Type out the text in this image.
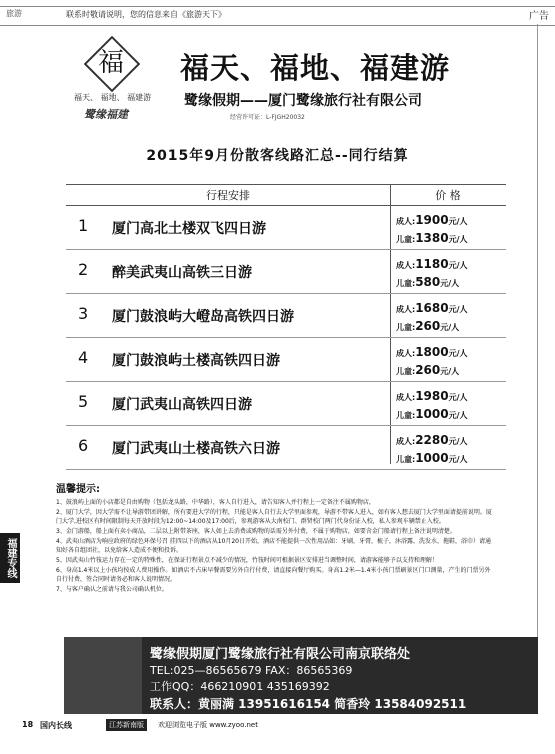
旅游	联系时敬请说明，您的信息来自《旅游天下》	广告
福
福天、 福地、 福建游
鹭缘福建
福天、福地、福建游
鹭缘假期——厦门鹭缘旅行社有限公司
经营许可证：L-FJGH20032
2015年9月份散客线路汇总--同行结算
行程安排	价 格
1 厦门高北土楼双飞四日游	成人:1900元/人
儿童:1380元/人
2 醉美武夷山高铁三日游	成人:1180元/人
儿童:580元/人
3 厦门鼓浪屿大嶝岛高铁四日游	成人:1680元/人
儿童:260元/人
4 厦门鼓浪屿土楼高铁四日游	成人:1800元/人
儿童:260元/人
5 厦门武夷山高铁四日游	成人:1980元/人
儿童:1000元/人
6 厦门武夷山土楼高铁六日游	成人:2280元/人
儿童:1000元/人
温馨提示:

1、鼓浪屿上面的小店都是自由购物（包括龙头路，中华路），客人自行进入，请告知客人并行程上一定备注不属购物店，

2、厦门大学，因大学需不让导游带团讲解，所有要进大学的行程，只能是客人自行去大学里面参观，导游不带客人进入，如有客人想去厦门大学里面请提前说明。厦门大学,进校区有时间限制每天开放时段为12:00~14:00及17:00后，参观游客从大南校门、群贤校门两门代身份证入校，私人参观车辆禁止入校。

3、金门游船，船上面有卖小商品，二层以上附带茶座，客人如上去消费或购物的话需另外付费，不属于购物店，如要含金门船请行程上备注说明清楚。

4、武夷山酒店为响应政府的绿色环保号召 挂四以下的酒店从10月20日开始，酒店不能提供一次性用品如：牙刷，牙膏，梳子，沐浴露，洗发水，拖鞋，浴巾）请通知好各自组团社，以免给客人造成不便和投诉。

5、因武夷山竹筏运力存在一定的特殊性，在保证行程景点不减少的情况，竹筏时间可根据景区安排进当调整时间，请游客能够予以支持和理解！

6、身高1.4米以上小孩均按成人费用操作。如酒店不占床早餐需要另外自行付费，请直接向餐厅购买。身高1.2米—1.4米小孩门票刷景区门口测量，产生的门票另外自行付费，签合同时请务必和客人说明情况。

7、与客户确认之前请与我公司确认机位。

福建专线
鹭缘假期厦门鹭缘旅行社有限公司南京联络处
TEL:025—86565679 FAX：86565369
工作QQ：466210901 435169392
联系人：黄丽满 13951616154 简香玲 13584092511
18 国内长线	江苏新南版	欢迎浏览电子版 www.zyoo.net
